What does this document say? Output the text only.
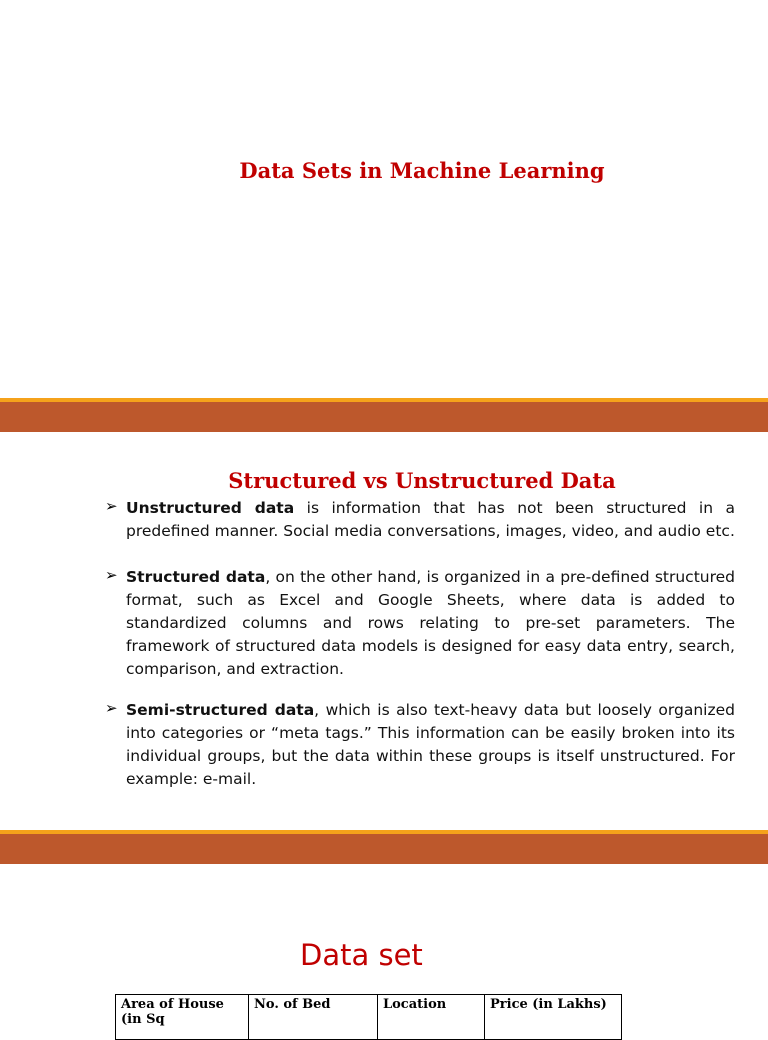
Data Sets in Machine Learning
Structured vs Unstructured Data
➢ Unstructured data is information that has not been structured in a predefined manner. Social media conversations, images, video, and audio etc.
➢ Structured data, on the other hand, is organized in a pre-defined structured format, such as Excel and Google Sheets, where data is added to standardized columns and rows relating to pre-set parameters. The framework of structured data models is designed for easy data entry, search, comparison, and extraction.
➢ Semi-structured data, which is also text-heavy data but loosely organized into categories or “meta tags.” This information can be easily broken into its individual groups, but the data within these groups is itself unstructured. For example: e-mail.
Data set
Area of House (in Sq	No. of Bed	Location	Price (in Lakhs)
